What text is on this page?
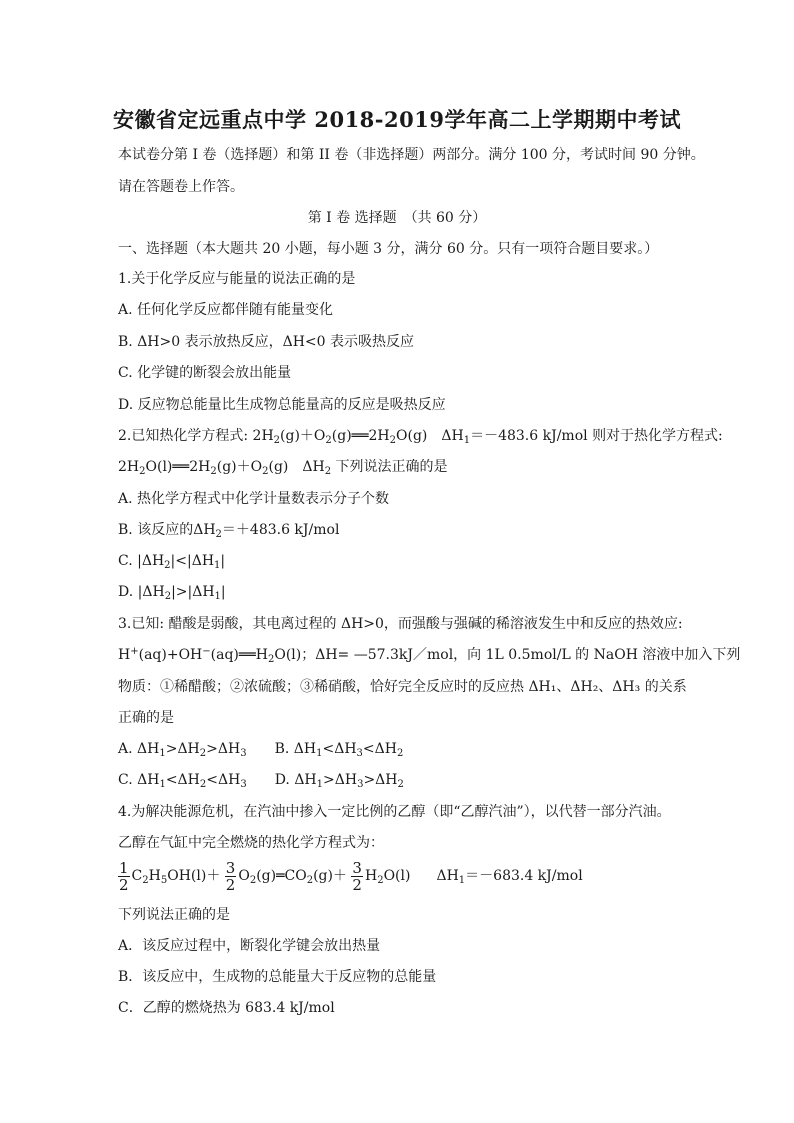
安徽省定远重点中学 2018-2019学年高二上学期期中考试
本试卷分第 I 卷（选择题）和第 II 卷（非选择题）两部分。满分 100 分，考试时间 90 分钟。
请在答题卷上作答。
第 I 卷 选择题　（共 60 分）
一、选择题（本大题共 20 小题，每小题 3 分，满分 60 分。只有一项符合题目要求。）
1.关于化学反应与能量的说法正确的是
A. 任何化学反应都伴随有能量变化
B. ΔH>0 表示放热反应，ΔH<0 表示吸热反应
C. 化学键的断裂会放出能量
D. 反应物总能量比生成物总能量高的反应是吸热反应
2.已知热化学方程式: $2H_2(g)+O_2(g)══2H_2O(g)$　$\Delta H_1=-483.6$ kJ/mol 则对于热化学方程式:
$2H_2O(l)══2H_2(g)+O_2(g)$　$\Delta H_2$ 下列说法正确的是
A. 热化学方程式中化学计量数表示分子个数
B. 该反应的$\Delta H_2=+483.6$ kJ/mol
C. $|\Delta H_2|<|\Delta H_1|$
D. $|\Delta H_2|>|\Delta H_1|$
3.已知: 醋酸是弱酸，其电离过程的 ΔH>0，而强酸与强碱的稀溶液发生中和反应的热效应:
$H^+(aq)+OH^-(aq)══H_2O(l)$；ΔH= —57.3kJ／mol，向 1L 0.5mol/L 的 NaOH 溶液中加入下列
物质：①稀醋酸；②浓硫酸；③稀硝酸，恰好完全反应时的反应热 ΔH₁、ΔH₂、ΔH₃ 的关系
正确的是
A. $\Delta H_1>\Delta H_2>\Delta H_3$ B. $\Delta H_1<\Delta H_3<\Delta H_2$
C. $\Delta H_1<\Delta H_2<\Delta H_3$ D. $\Delta H_1>\Delta H_3>\Delta H_2$
4.为解决能源危机，在汽油中掺入一定比例的乙醇（即“乙醇汽油”），以代替一部分汽油。
乙醇在气缸中完全燃烧的热化学方程式为：
$\frac{1}{2} C_2H_5OH(l)+ \frac{3}{2}$ $O_2(g)═CO_2(g)+ \frac{3}{2} H_2O(l)$ $\Delta H_1=-683.4$ kJ/mol
下列说法正确的是
A．该反应过程中，断裂化学键会放出热量
B．该反应中，生成物的总能量大于反应物的总能量
C．乙醇的燃烧热为 683.4 kJ/mol
